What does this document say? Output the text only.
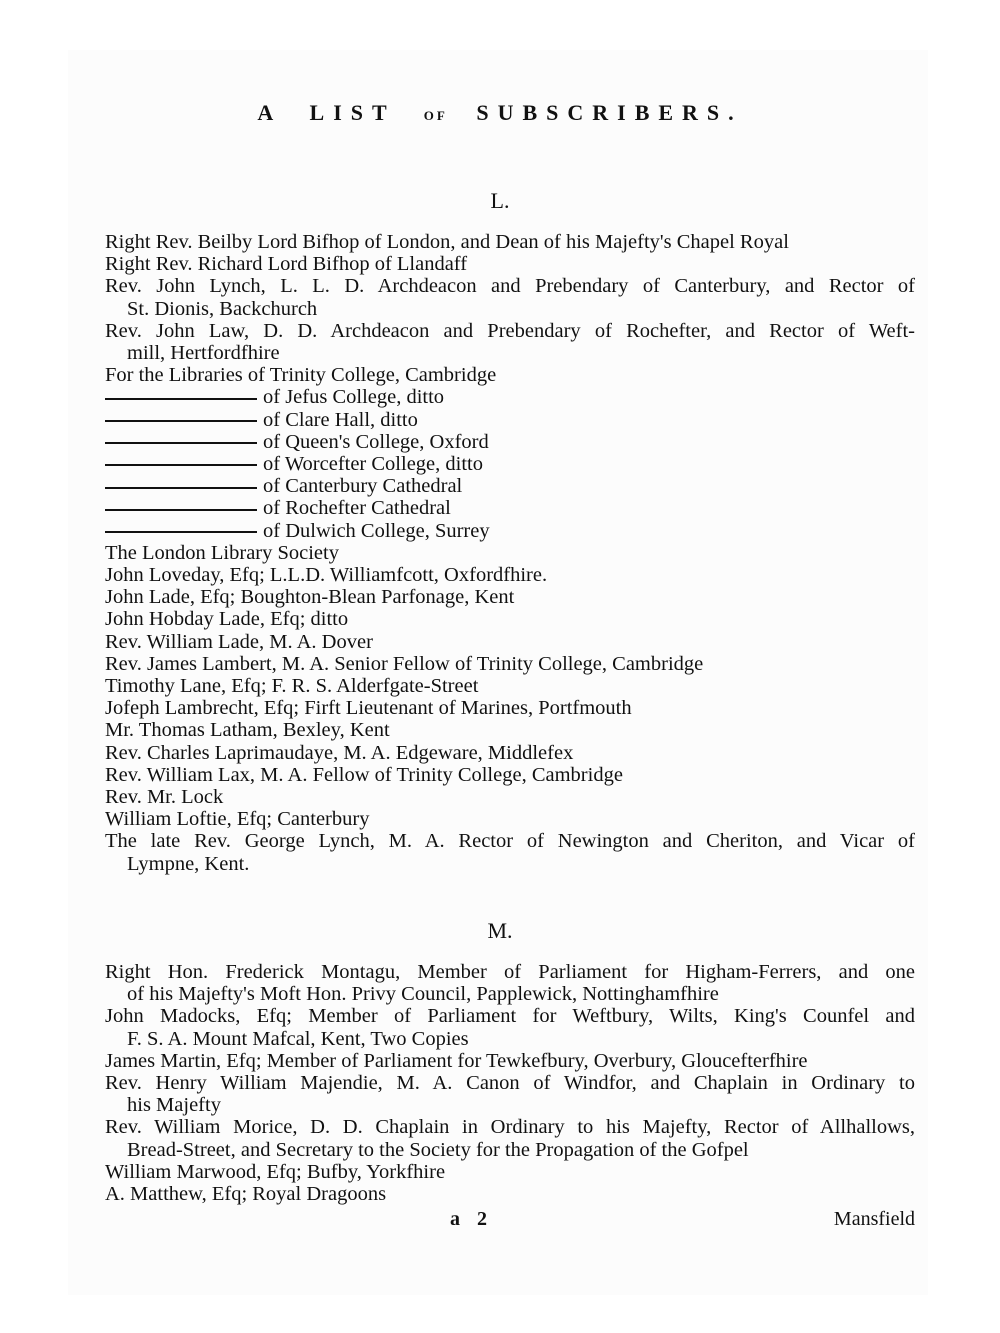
A LIST OF SUBSCRIBERS.
L.
Right Rev. Beilby Lord Bifhop of London, and Dean of his Majefty's Chapel Royal
Right Rev. Richard Lord Bifhop of Llandaff
Rev. John Lynch, L. L. D. Archdeacon and Prebendary of Canterbury, and Rector of
St. Dionis, Backchurch
Rev. John Law, D. D. Archdeacon and Prebendary of Rochefter, and Rector of Weft-
mill, Hertfordfhire
For the Libraries of Trinity College, Cambridge
of Jefus College, ditto
of Clare Hall, ditto
of Queen's College, Oxford
of Worcefter College, ditto
of Canterbury Cathedral
of Rochefter Cathedral
of Dulwich College, Surrey
The London Library Society
John Loveday, Efq; L.L.D. Williamfcott, Oxfordfhire.
John Lade, Efq; Boughton-Blean Parfonage, Kent
John Hobday Lade, Efq; ditto
Rev. William Lade, M. A. Dover
Rev. James Lambert, M. A. Senior Fellow of Trinity College, Cambridge
Timothy Lane, Efq; F. R. S. Alderfgate-Street
Jofeph Lambrecht, Efq; Firft Lieutenant of Marines, Portfmouth
Mr. Thomas Latham, Bexley, Kent
Rev. Charles Laprimaudaye, M. A. Edgeware, Middlefex
Rev. William Lax, M. A. Fellow of Trinity College, Cambridge
Rev. Mr. Lock
William Loftie, Efq; Canterbury
The late Rev. George Lynch, M. A. Rector of Newington and Cheriton, and Vicar of
Lympne, Kent.
M.
Right Hon. Frederick Montagu, Member of Parliament for Higham-Ferrers, and one
of his Majefty's Moft Hon. Privy Council, Papplewick, Nottinghamfhire
John Madocks, Efq; Member of Parliament for Weftbury, Wilts, King's Counfel and
F. S. A. Mount Mafcal, Kent, Two Copies
James Martin, Efq; Member of Parliament for Tewkefbury, Overbury, Gloucefterfhire
Rev. Henry William Majendie, M. A. Canon of Windfor, and Chaplain in Ordinary to
his Majefty
Rev. William Morice, D. D. Chaplain in Ordinary to his Majefty, Rector of Allhallows,
Bread-Street, and Secretary to the Society for the Propagation of the Gofpel
William Marwood, Efq; Bufby, Yorkfhire
A. Matthew, Efq; Royal Dragoons
a 2	Mansfield
